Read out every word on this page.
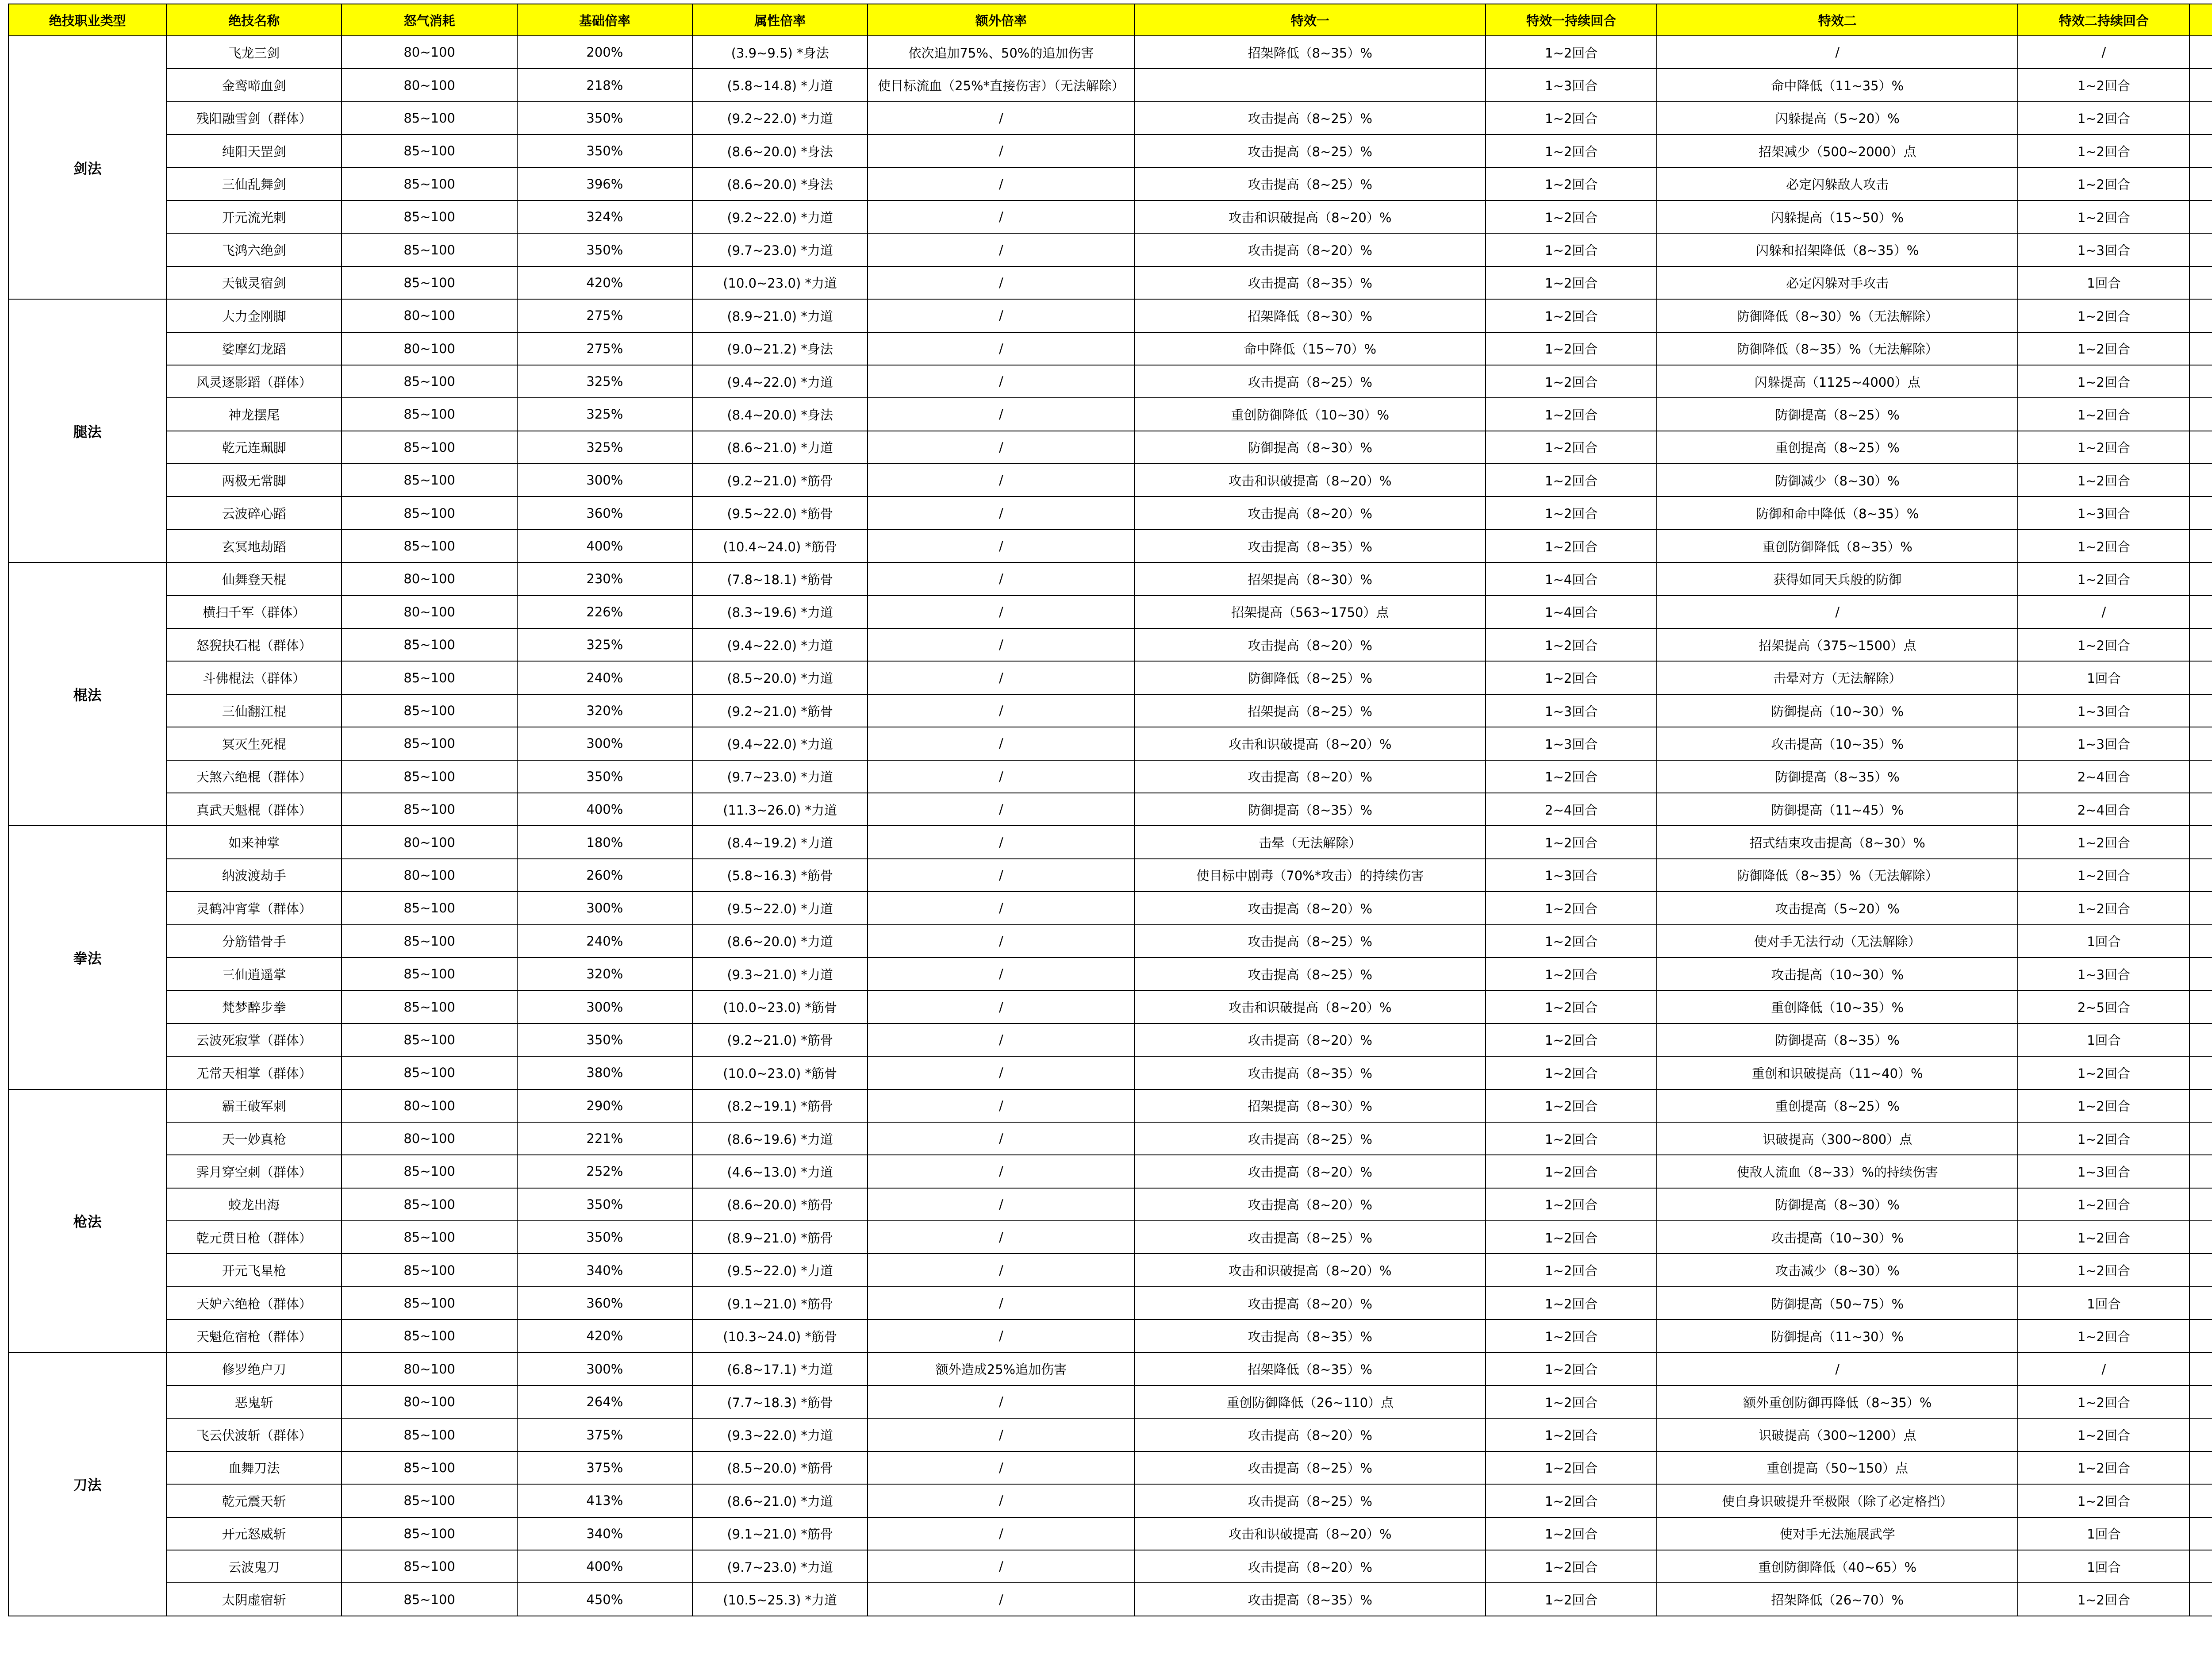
绝技职业类型	绝技名称	怒气消耗	基础倍率	属性倍率	额外倍率	特效一	特效一持续回合	特效二	特效二持续回合		
剑法	飞龙三剑	80~100	200%	(3.9~9.5) *身法	依次追加75%、50%的追加伤害	招架降低（8~35）%	1~2回合	/	/		
	金鸾啼血剑	80~100	218%	(5.8~14.8) *力道	使目标流血（25%*直接伤害）（无法解除）		1~3回合	命中降低（11~35）%	1~2回合		
	残阳融雪剑（群体）	85~100	350%	(9.2~22.0) *力道	/	攻击提高（8~25）%	1~2回合	闪躲提高（5~20）%	1~2回合		
	纯阳天罡剑	85~100	350%	(8.6~20.0) *身法	/	攻击提高（8~25）%	1~2回合	招架减少（500~2000）点	1~2回合		
	三仙乱舞剑	85~100	396%	(8.6~20.0) *身法	/	攻击提高（8~25）%	1~2回合	必定闪躲敌人攻击	1~2回合		
	开元流光刺	85~100	324%	(9.2~22.0) *力道	/	攻击和识破提高（8~20）%	1~2回合	闪躲提高（15~50）%	1~2回合		
	飞鸿六绝剑	85~100	350%	(9.7~23.0) *力道	/	攻击提高（8~20）%	1~2回合	闪躲和招架降低（8~35）%	1~3回合		
	天钺灵宿剑	85~100	420%	(10.0~23.0) *力道	/	攻击提高（8~35）%	1~2回合	必定闪躲对手攻击	1回合		
腿法	大力金刚脚	80~100	275%	(8.9~21.0) *力道	/	招架降低（8~30）%	1~2回合	防御降低（8~30）%（无法解除）	1~2回合		
	娑摩幻龙蹈	80~100	275%	(9.0~21.2) *身法	/	命中降低（15~70）%	1~2回合	防御降低（8~35）%（无法解除）	1~2回合		
	风灵逐影蹈（群体）	85~100	325%	(9.4~22.0) *力道	/	攻击提高（8~25）%	1~2回合	闪躲提高（1125~4000）点	1~2回合		
	神龙摆尾	85~100	325%	(8.4~20.0) *身法	/	重创防御降低（10~30）%	1~2回合	防御提高（8~25）%	1~2回合		
	乾元连珮脚	85~100	325%	(8.6~21.0) *力道	/	防御提高（8~30）%	1~2回合	重创提高（8~25）%	1~2回合		
	两极无常脚	85~100	300%	(9.2~21.0) *筋骨	/	攻击和识破提高（8~20）%	1~2回合	防御减少（8~30）%	1~2回合		
	云波碎心蹈	85~100	360%	(9.5~22.0) *筋骨	/	攻击提高（8~20）%	1~2回合	防御和命中降低（8~35）%	1~3回合		
	玄冥地劫蹈	85~100	400%	(10.4~24.0) *筋骨	/	攻击提高（8~35）%	1~2回合	重创防御降低（8~35）%	1~2回合		
棍法	仙舞登天棍	80~100	230%	(7.8~18.1) *筋骨	/	招架提高（8~30）%	1~4回合	获得如同天兵般的防御	1~2回合		
	横扫千军（群体）	80~100	226%	(8.3~19.6) *力道	/	招架提高（563~1750）点	1~4回合	/	/		
	怒猊抉石棍（群体）	85~100	325%	(9.4~22.0) *力道	/	攻击提高（8~20）%	1~2回合	招架提高（375~1500）点	1~2回合		
	斗佛棍法（群体）	85~100	240%	(8.5~20.0) *力道	/	防御降低（8~25）%	1~2回合	击晕对方（无法解除）	1回合		
	三仙翻江棍	85~100	320%	(9.2~21.0) *筋骨	/	招架提高（8~25）%	1~3回合	防御提高（10~30）%	1~3回合		
	冥灭生死棍	85~100	300%	(9.4~22.0) *力道	/	攻击和识破提高（8~20）%	1~3回合	攻击提高（10~35）%	1~3回合		
	天煞六绝棍（群体）	85~100	350%	(9.7~23.0) *力道	/	攻击提高（8~20）%	1~2回合	防御提高（8~35）%	2~4回合		
	真武天魁棍（群体）	85~100	400%	(11.3~26.0) *力道	/	防御提高（8~35）%	2~4回合	防御提高（11~45）%	2~4回合		
拳法	如来神掌	80~100	180%	(8.4~19.2) *力道	/	击晕（无法解除）	1~2回合	招式结束攻击提高（8~30）%	1~2回合		
	纳波渡劫手	80~100	260%	(5.8~16.3) *筋骨	/	使目标中剧毒（70%*攻击）的持续伤害	1~3回合	防御降低（8~35）%（无法解除）	1~2回合		
	灵鹤冲宵掌（群体）	85~100	300%	(9.5~22.0) *力道	/	攻击提高（8~20）%	1~2回合	攻击提高（5~20）%	1~2回合		
	分筋错骨手	85~100	240%	(8.6~20.0) *力道	/	攻击提高（8~25）%	1~2回合	使对手无法行动（无法解除）	1回合		
	三仙逍遥掌	85~100	320%	(9.3~21.0) *力道	/	攻击提高（8~25）%	1~2回合	攻击提高（10~30）%	1~3回合		
	梵梦醉步拳	85~100	300%	(10.0~23.0) *筋骨	/	攻击和识破提高（8~20）%	1~2回合	重创降低（10~35）%	2~5回合		
	云波死寂掌（群体）	85~100	350%	(9.2~21.0) *筋骨	/	攻击提高（8~20）%	1~2回合	防御提高（8~35）%	1回合		
	无常天相掌（群体）	85~100	380%	(10.0~23.0) *筋骨	/	攻击提高（8~35）%	1~2回合	重创和识破提高（11~40）%	1~2回合		
枪法	霸王破军刺	80~100	290%	(8.2~19.1) *筋骨	/	招架提高（8~30）%	1~2回合	重创提高（8~25）%	1~2回合		
	天一妙真枪	80~100	221%	(8.6~19.6) *力道	/	攻击提高（8~25）%	1~2回合	识破提高（300~800）点	1~2回合		
	霁月穿空刺（群体）	85~100	252%	(4.6~13.0) *力道	/	攻击提高（8~20）%	1~2回合	使敌人流血（8~33）%的持续伤害	1~3回合		
	蛟龙出海	85~100	350%	(8.6~20.0) *筋骨	/	攻击提高（8~20）%	1~2回合	防御提高（8~30）%	1~2回合		
	乾元贯日枪（群体）	85~100	350%	(8.9~21.0) *筋骨	/	攻击提高（8~25）%	1~2回合	攻击提高（10~30）%	1~2回合		
	开元飞星枪	85~100	340%	(9.5~22.0) *力道	/	攻击和识破提高（8~20）%	1~2回合	攻击减少（8~30）%	1~2回合		
	天妒六绝枪（群体）	85~100	360%	(9.1~21.0) *筋骨	/	攻击提高（8~20）%	1~2回合	防御提高（50~75）%	1回合		
	天魁危宿枪（群体）	85~100	420%	(10.3~24.0) *筋骨	/	攻击提高（8~35）%	1~2回合	防御提高（11~30）%	1~2回合		
刀法	修罗绝户刀	80~100	300%	(6.8~17.1) *力道	额外造成25%追加伤害	招架降低（8~35）%	1~2回合	/	/		
	恶鬼斩	80~100	264%	(7.7~18.3) *筋骨	/	重创防御降低（26~110）点	1~2回合	额外重创防御再降低（8~35）%	1~2回合		
	飞云伏波斩（群体）	85~100	375%	(9.3~22.0) *力道	/	攻击提高（8~20）%	1~2回合	识破提高（300~1200）点	1~2回合		
	血舞刀法	85~100	375%	(8.5~20.0) *筋骨	/	攻击提高（8~25）%	1~2回合	重创提高（50~150）点	1~2回合		
	乾元震天斩	85~100	413%	(8.6~21.0) *力道	/	攻击提高（8~25）%	1~2回合	使自身识破提升至极限（除了必定格挡）	1~2回合		
	开元怒威斩	85~100	340%	(9.1~21.0) *筋骨	/	攻击和识破提高（8~20）%	1~2回合	使对手无法施展武学	1回合		
	云波鬼刀	85~100	400%	(9.7~23.0) *力道	/	攻击提高（8~20）%	1~2回合	重创防御降低（40~65）%	1回合		
	太阴虚宿斩	85~100	450%	(10.5~25.3) *力道	/	攻击提高（8~35）%	1~2回合	招架降低（26~70）%	1~2回合		
